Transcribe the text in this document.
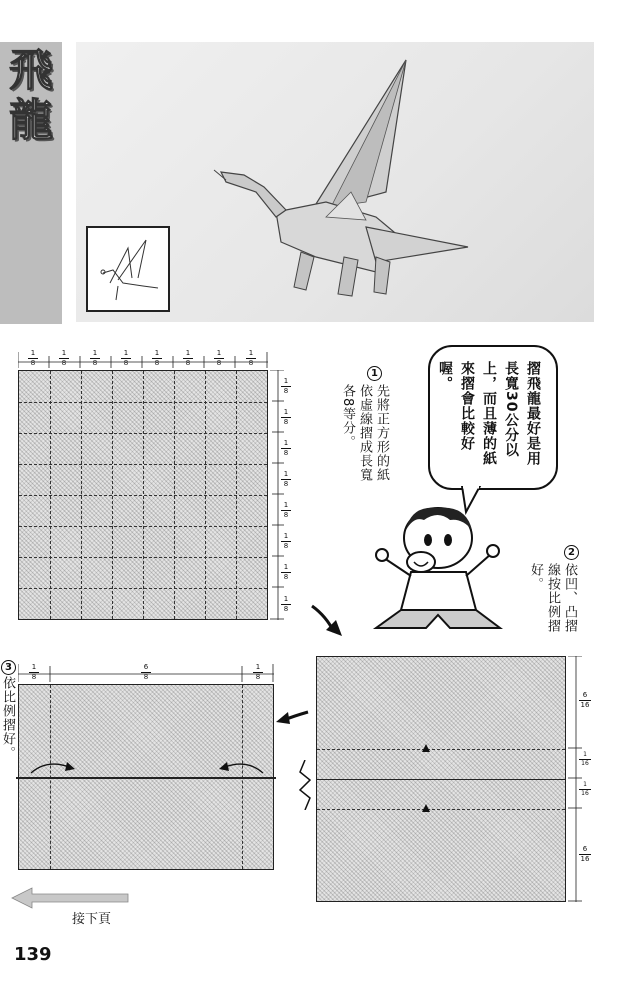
飛
龍
1
8
1
8
1
8
1
8
1
8
1
8
1
8
1
8
1
8
1
8
1
8
1
8
1
8
1
8
1
8
1
8
1
先將正方形的紙依虛線摺成長寬各8等分。	摺飛龍最好是用長寬30公分以上，而且薄的紙來摺會比較好喔。
2
依凹、凸摺線按比例摺好。
6
16
1
16
1
16
6
16
3
依比例摺好。
1
8
6
8
1
8
接下頁
139
